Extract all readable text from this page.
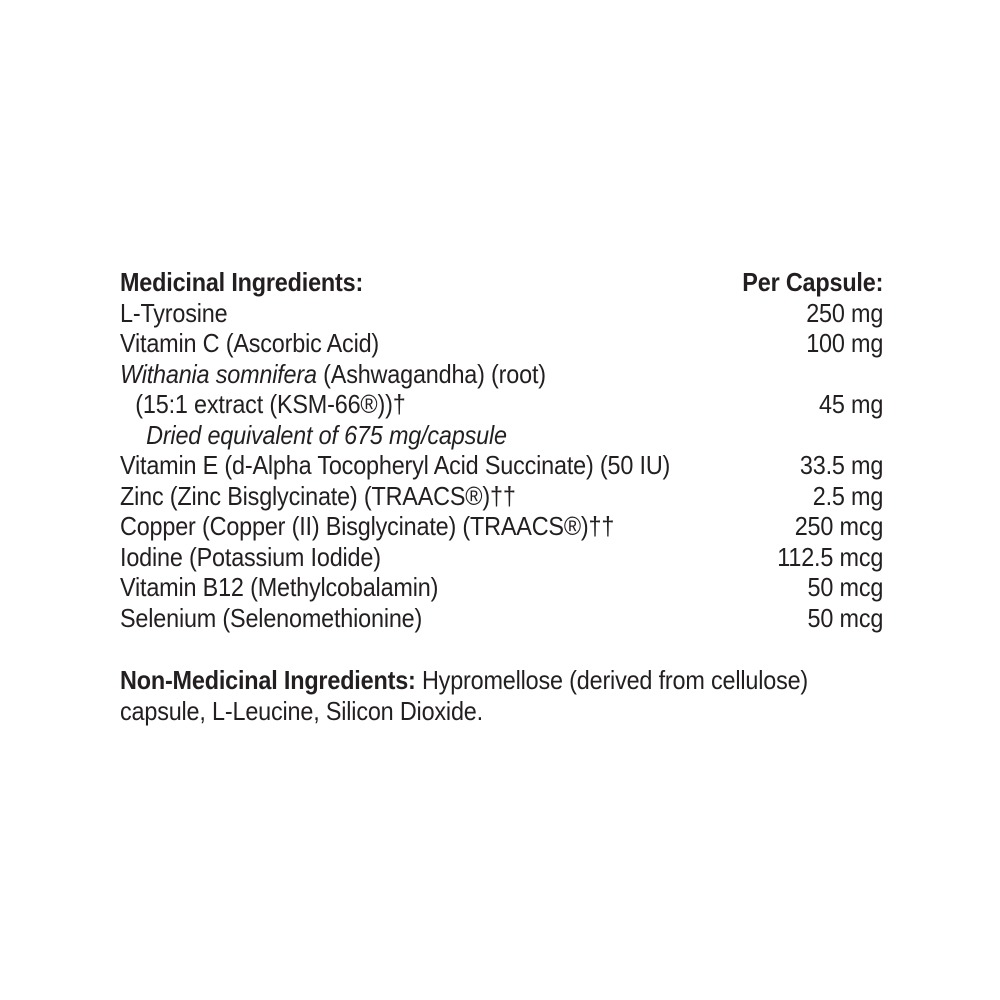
Medicinal Ingredients:	Per Capsule:
L-Tyrosine	250 mg
Vitamin C (Ascorbic Acid)	100 mg
Withania somnifera (Ashwagandha) (root)
(15:1 extract (KSM-66®))†	45 mg
Dried equivalent of 675 mg/capsule
Vitamin E (d-Alpha Tocopheryl Acid Succinate) (50 IU)	33.5 mg
Zinc (Zinc Bisglycinate) (TRAACS®)††	2.5 mg
Copper (Copper (II) Bisglycinate) (TRAACS®)††	250 mcg
Iodine (Potassium Iodide)	112.5 mcg
Vitamin B12 (Methylcobalamin)	50 mcg
Selenium (Selenomethionine)	50 mcg
Non-Medicinal Ingredients: Hypromellose (derived from cellulose)
capsule, L-Leucine, Silicon Dioxide.
